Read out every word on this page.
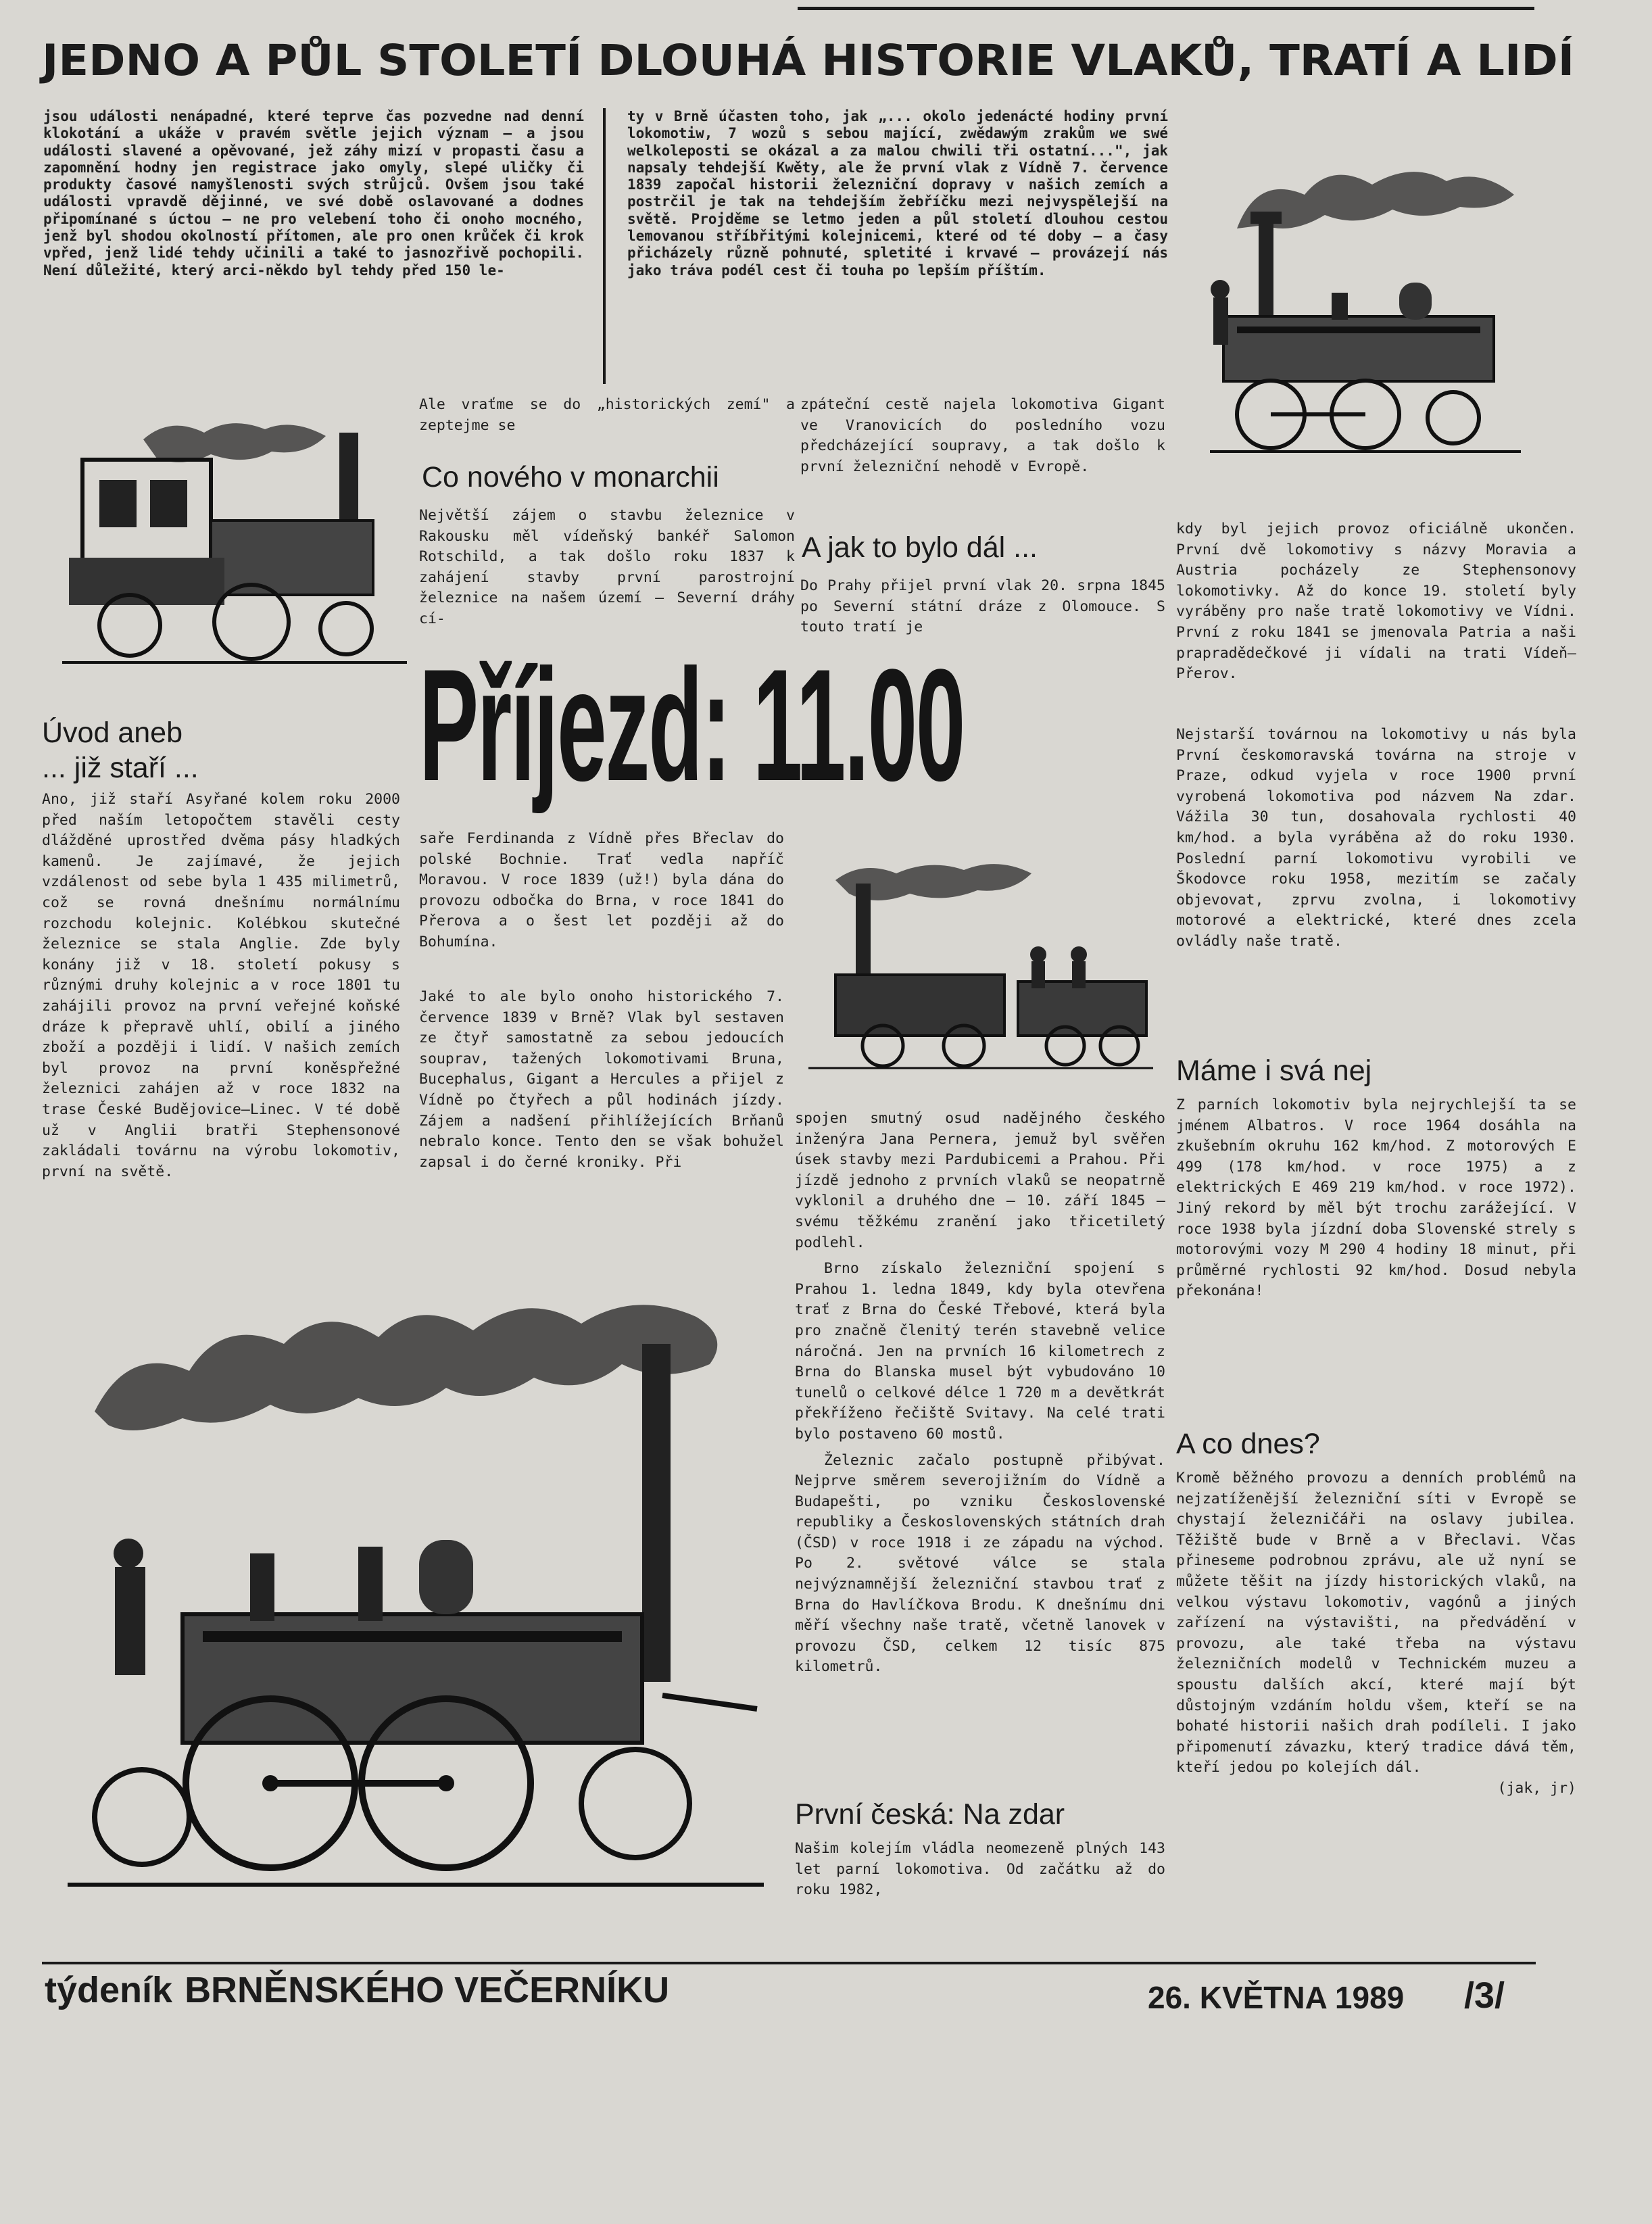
JEDNO A PŮL STOLETÍ DLOUHÁ HISTORIE VLAKŮ, TRATÍ A LIDÍ

jsou události nenápadné, které teprve čas pozvedne nad denní klokotání a ukáže v pravém světle jejich význam — a jsou události slavené a opěvované, jež záhy mizí v propasti času a zapomnění hodny jen registrace jako omyly, slepé uličky či produkty časové namyšlenosti svých strůjců. Ovšem jsou také události vpravdě dějinné, ve své době oslavované a dodnes připomínané s úctou — ne pro velebení toho či onoho mocného, jenž byl shodou okolností přítomen, ale pro onen krůček či krok vpřed, jenž lidé tehdy učinili a také to jasnozřivě pochopili. Není důležité, který arci-někdo byl tehdy před 150 le-

ty v Brně účasten toho, jak „... okolo jedenácté hodiny první lokomotiw, 7 wozů s sebou mající, zwědawým zrakům we swé welkoleposti se okázal a za malou chwili tři ostatní...", jak napsaly tehdejší Kwěty, ale že první vlak z Vídně 7. července 1839 započal historii železniční dopravy v našich zemích a postrčil je tak na tehdejším žebříčku mezi nejvyspělejší na světě. Projděme se letmo jeden a půl století dlouhou cestou lemovanou stříbřitými kolejnicemi, které od té doby — a časy přicházely různě pohnuté, spletité i krvavé — provázejí nás jako tráva podél cest či touha po lepším příštím.

Ale vraťme se do „historických zemí" a zeptejme se

Co nového v monarchii

Největší zájem o stavbu železnice v Rakousku měl vídeňský bankéř Salomon Rotschild, a tak došlo roku 1837 k zahájení stavby první parostrojní železnice na našem území — Severní dráhy cí-

zpáteční cestě najela lokomotiva Gigant ve Vranovicích do posledního vozu předcházející soupravy, a tak došlo k první železniční nehodě v Evropě.

A jak to bylo dál ...

Do Prahy přijel první vlak 20. srpna 1845 po Severní státní dráze z Olomouce. S touto tratí je

Příjezd: 11.00

kdy byl jejich provoz oficiálně ukončen. První dvě lokomotivy s názvy Moravia a Austria pocházely ze Stephensonovy lokomotivky. Až do konce 19. století byly vyráběny pro naše tratě lokomotivy ve Vídni. První z roku 1841 se jmenovala Patria a naši prapradědečkové ji vídali na trati Vídeň—Přerov.

Nejstarší továrnou na lokomotivy u nás byla První českomoravská továrna na stroje v Praze, odkud vyjela v roce 1900 první vyrobená lokomotiva pod názvem Na zdar. Vážila 30 tun, dosahovala rychlosti 40 km/hod. a byla vyráběna až do roku 1930. Poslední parní lokomotivu vyrobili ve Škodovce roku 1958, mezitím se začaly objevovat, zprvu zvolna, i lokomotivy motorové a elektrické, které dnes zcela ovládly naše tratě.

Máme i svá nej

Z parních lokomotiv byla nejrychlejší ta se jménem Albatros. V roce 1964 dosáhla na zkušebním okruhu 162 km/hod. Z motorových E 499 (178 km/hod. v roce 1975) a z elektrických E 469 219 km/hod. v roce 1972). Jiný rekord by měl být trochu zarážející. V roce 1938 byla jízdní doba Slovenské strely s motorovými vozy M 290 4 hodiny 18 minut, při průměrné rychlosti 92 km/hod. Dosud nebyla překonána!

A co dnes?

Kromě běžného provozu a denních problémů na nejzatíženější železniční síti v Evropě se chystají železničáři na oslavy jubilea. Těžiště bude v Brně a v Břeclavi. Včas přineseme podrobnou zprávu, ale už nyní se můžete těšit na jízdy historických vlaků, na velkou výstavu lokomotiv, vagónů a jiných zařízení na výstavišti, na předvádění v provozu, ale také třeba na výstavu železničních modelů v Technickém muzeu a spoustu dalších akcí, které mají být důstojným vzdáním holdu všem, kteří se na bohaté historii našich drah podíleli. I jako připomenutí závazku, který tradice dává těm, kteří jedou po kolejích dál.
(jak, jr)

Úvod aneb
... již staří ...

Ano, již staří Asyřané kolem roku 2000 před naším letopočtem stavěli cesty dlážděné uprostřed dvěma pásy hladkých kamenů. Je zajímavé, že jejich vzdálenost od sebe byla 1 435 milimetrů, což se rovná dnešnímu normálnímu rozchodu kolejnic. Kolébkou skutečné železnice se stala Anglie. Zde byly konány již v 18. století pokusy s různými druhy kolejnic a v roce 1801 tu zahájili provoz na první veřejné koňské dráze k přepravě uhlí, obilí a jiného zboží a později i lidí. V našich zemích byl provoz na první koněspřežné železnici zahájen až v roce 1832 na trase České Budějovice—Linec. V té době už v Anglii bratři Stephensonové zakládali továrnu na výrobu lokomotiv, první na světě.

saře Ferdinanda z Vídně přes Břeclav do polské Bochnie. Trať vedla napříč Moravou. V roce 1839 (už!) byla dána do provozu odbočka do Brna, v roce 1841 do Přerova a o šest let později až do Bohumína.

Jaké to ale bylo onoho historického 7. července 1839 v Brně? Vlak byl sestaven ze čtyř samostatně za sebou jedoucích souprav, tažených lokomotivami Bruna, Bucephalus, Gigant a Hercules a přijel z Vídně po čtyřech a půl hodinách jízdy. Zájem a nadšení přihlížejících Brňanů nebralo konce. Tento den se však bohužel zapsal i do černé kroniky. Při

spojen smutný osud nadějného českého inženýra Jana Pernera, jemuž byl svěřen úsek stavby mezi Pardubicemi a Prahou. Při jízdě jednoho z prvních vlaků se neopatrně vyklonil a druhého dne — 10. září 1845 — svému těžkému zranění jako třicetiletý podlehl.

Brno získalo železniční spojení s Prahou 1. ledna 1849, kdy byla otevřena trať z Brna do České Třebové, která byla pro značně členitý terén stavebně velice náročná. Jen na prvních 16 kilometrech z Brna do Blanska musel být vybudováno 10 tunelů o celkové délce 1 720 m a devětkrát překříženo řečiště Svitavy. Na celé trati bylo postaveno 60 mostů.

Železnic začalo postupně přibývat. Nejprve směrem severojižním do Vídně a Budapešti, po vzniku Československé republiky a Československých státních drah (ČSD) v roce 1918 i ze západu na východ. Po 2. světové válce se stala nejvýznamnější železniční stavbou trať z Brna do Havlíčkova Brodu. K dnešnímu dni měří všechny naše tratě, včetně lanovek v provozu ČSD, celkem 12 tisíc 875 kilometrů.

První česká: Na zdar

Našim kolejím vládla neomezeně plných 143 let parní lokomotiva. Od začátku až do roku 1982,

týdeník BRNĚNSKÉHO VEČERNÍKU	26. KVĚTNA 1989 /3/
